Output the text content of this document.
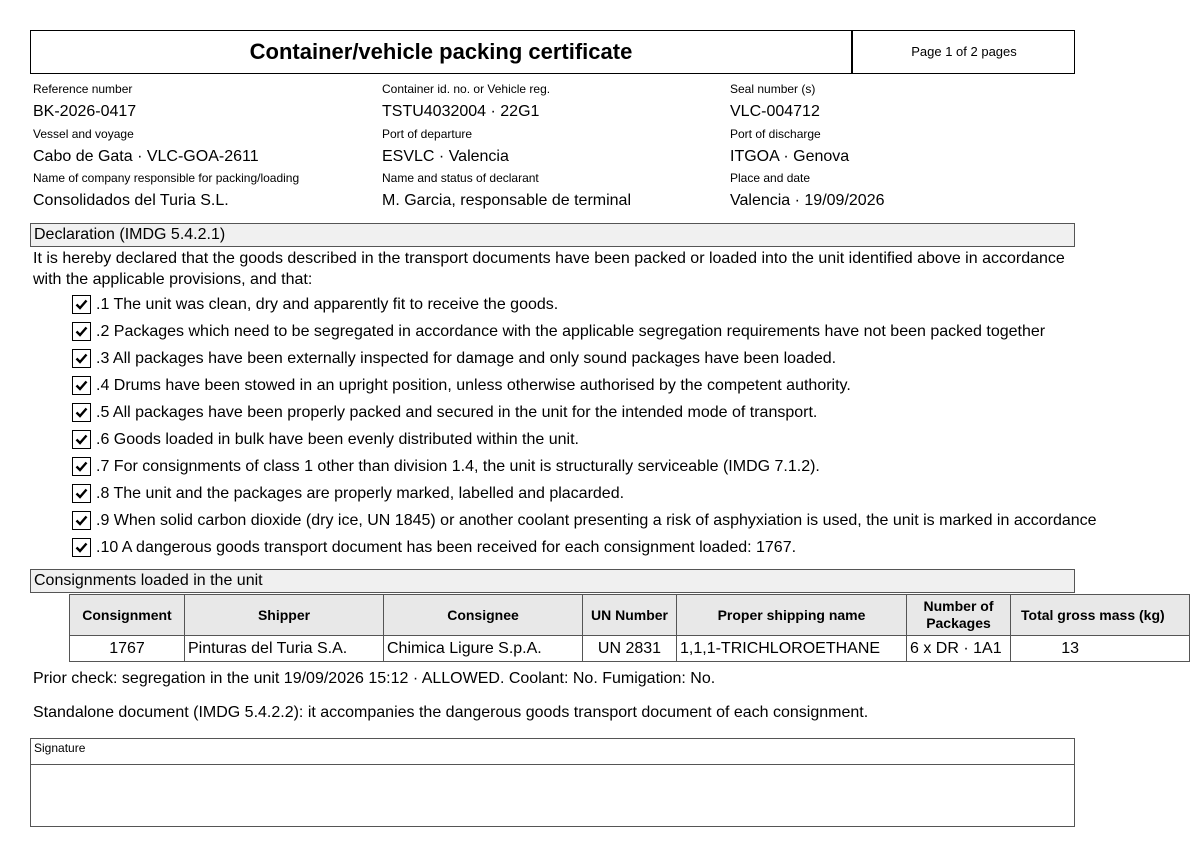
Container/vehicle packing certificate	Page 1 of 2 pages
Reference number
BK-2026-0417
Container id. no. or Vehicle reg.
TSTU4032004 · 22G1
Seal number (s)
VLC-004712
Vessel and voyage
Cabo de Gata · VLC-GOA-2611
Port of departure
ESVLC · Valencia
Port of discharge
ITGOA · Genova
Name of company responsible for packing/loading
Consolidados del Turia S.L.
Name and status of declarant
M. Garcia, responsable de terminal
Place and date
Valencia · 19/09/2026
Declaration (IMDG 5.4.2.1)
It is hereby declared that the goods described in the transport documents have been packed or loaded into the unit identified above in accordance with the applicable provisions, and that:
.1 The unit was clean, dry and apparently fit to receive the goods.
.2 Packages which need to be segregated in accordance with the applicable segregation requirements have not been packed together
.3 All packages have been externally inspected for damage and only sound packages have been loaded.
.4 Drums have been stowed in an upright position, unless otherwise authorised by the competent authority.
.5 All packages have been properly packed and secured in the unit for the intended mode of transport.
.6 Goods loaded in bulk have been evenly distributed within the unit.
.7 For consignments of class 1 other than division 1.4, the unit is structurally serviceable (IMDG 7.1.2).
.8 The unit and the packages are properly marked, labelled and placarded.
.9 When solid carbon dioxide (dry ice, UN 1845) or another coolant presenting a risk of asphyxiation is used, the unit is marked in accordance
.10 A dangerous goods transport document has been received for each consignment loaded: 1767.
Consignments loaded in the unit
Consignment	Shipper	Consignee	UN Number	Proper shipping name	Number of Packages	Total gross mass (kg)
1767	Pinturas del Turia S.A.	Chimica Ligure S.p.A.	UN 2831	1,1,1-TRICHLOROETHANE	6 x DR · 1A1	13
Prior check: segregation in the unit 19/09/2026 15:12 · ALLOWED. Coolant: No. Fumigation: No.
Standalone document (IMDG 5.4.2.2): it accompanies the dangerous goods transport document of each consignment.
Signature
